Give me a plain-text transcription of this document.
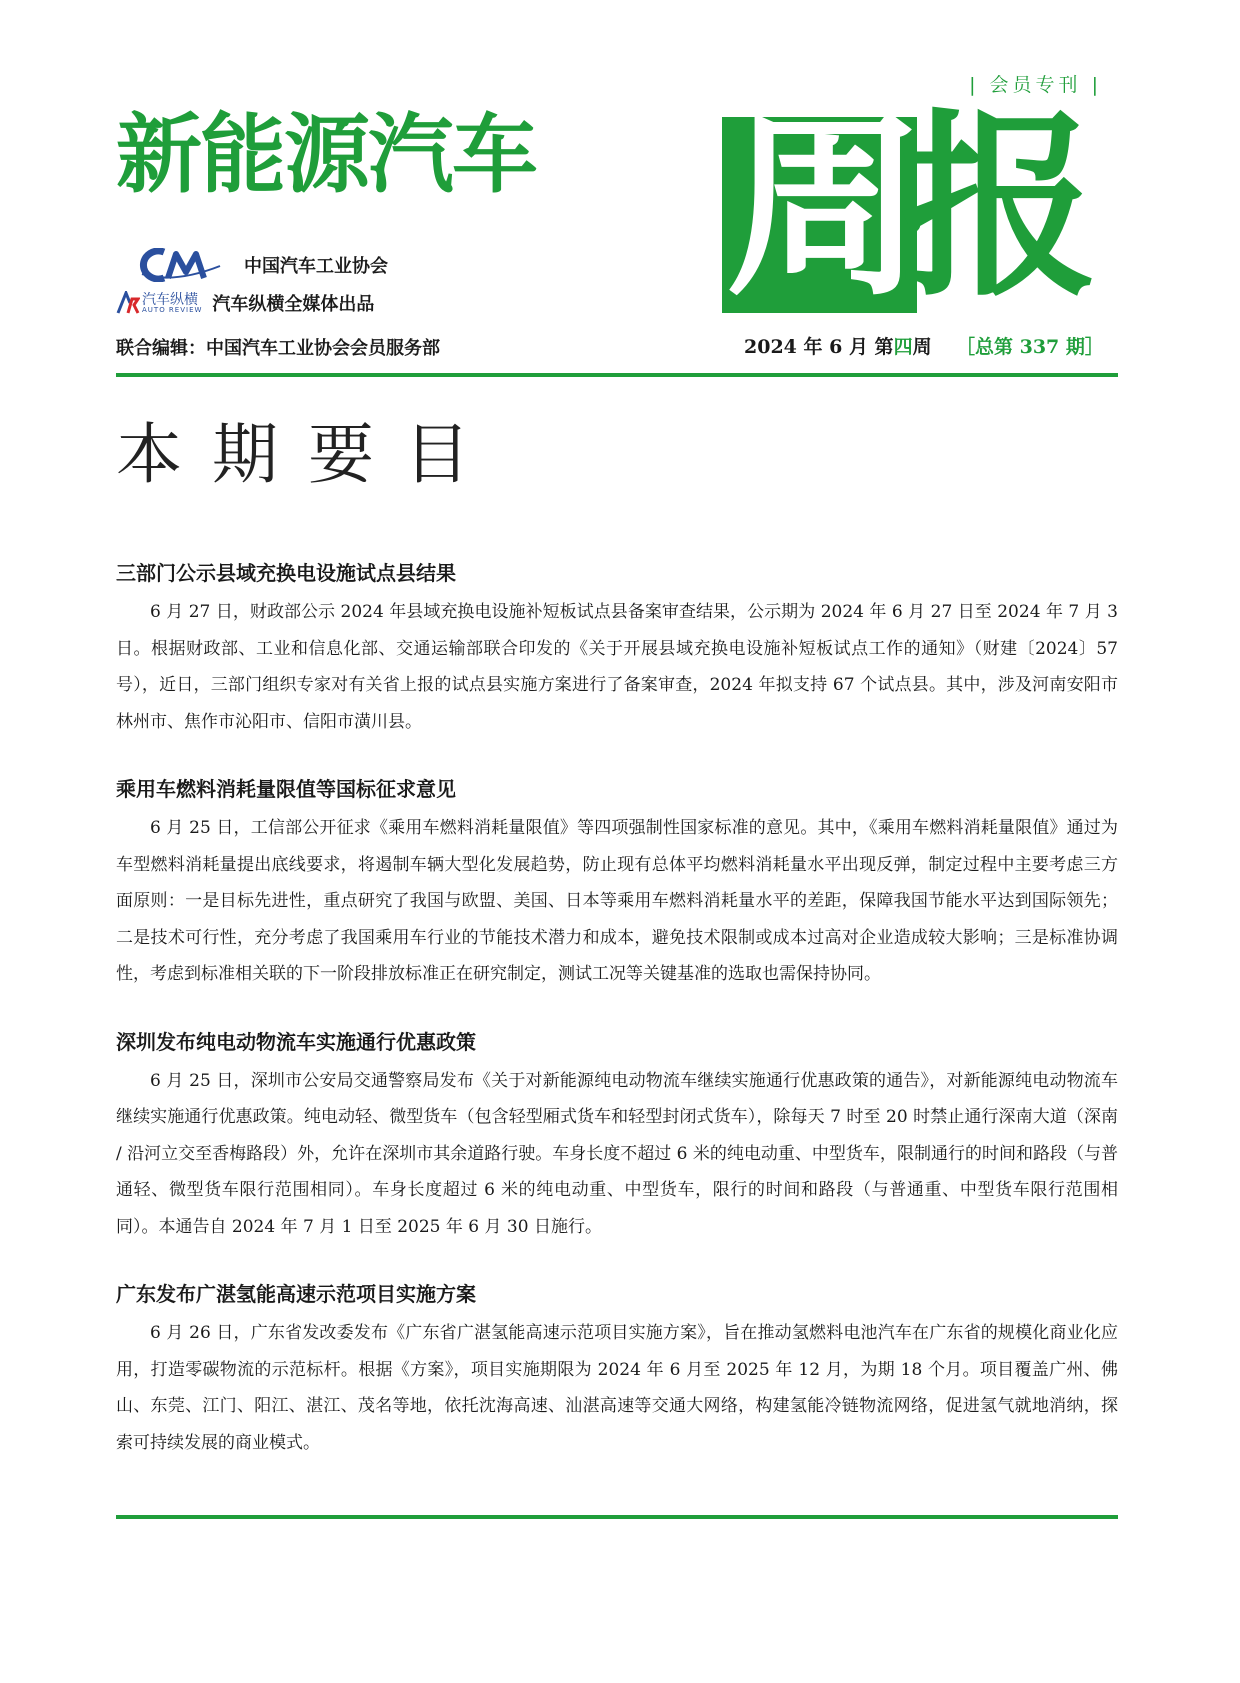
| 会员专刊 |
新能源汽车 周
报
中国汽车工业协会
汽车纵横
AUTO REVIEW 汽车纵横全媒体出品
联合编辑：中国汽车工业协会会员服务部	2024 年 6 月 第四周 ［总第 337 期］
本期要目
三部门公示县域充换电设施试点县结果

6 月 27 日，财政部公示 2024 年县域充换电设施补短板试点县备案审查结果，公示期为 2024 年 6 月 27 日至 2024 年 7 月 3 日。根据财政部、工业和信息化部、交通运输部联合印发的《关于开展县域充换电设施补短板试点工作的通知》（财建〔2024〕57 号），近日，三部门组织专家对有关省上报的试点县实施方案进行了备案审查，2024 年拟支持 67 个试点县。其中，涉及河南安阳市林州市、焦作市沁阳市、信阳市潢川县。

乘用车燃料消耗量限值等国标征求意见

6 月 25 日，工信部公开征求《乘用车燃料消耗量限值》等四项强制性国家标准的意见。其中，《乘用车燃料消耗量限值》通过为车型燃料消耗量提出底线要求，将遏制车辆大型化发展趋势，防止现有总体平均燃料消耗量水平出现反弹，制定过程中主要考虑三方面原则：一是目标先进性，重点研究了我国与欧盟、美国、日本等乘用车燃料消耗量水平的差距，保障我国节能水平达到国际领先；二是技术可行性，充分考虑了我国乘用车行业的节能技术潜力和成本，避免技术限制或成本过高对企业造成较大影响；三是标准协调性，考虑到标准相关联的下一阶段排放标准正在研究制定，测试工况等关键基准的选取也需保持协同。

深圳发布纯电动物流车实施通行优惠政策

6 月 25 日，深圳市公安局交通警察局发布《关于对新能源纯电动物流车继续实施通行优惠政策的通告》，对新能源纯电动物流车继续实施通行优惠政策。纯电动轻、微型货车（包含轻型厢式货车和轻型封闭式货车），除每天 7 时至 20 时禁止通行深南大道（深南 / 沿河立交至香梅路段）外，允许在深圳市其余道路行驶。车身长度不超过 6 米的纯电动重、中型货车，限制通行的时间和路段（与普通轻、微型货车限行范围相同）。车身长度超过 6 米的纯电动重、中型货车，限行的时间和路段（与普通重、中型货车限行范围相同）。本通告自 2024 年 7 月 1 日至 2025 年 6 月 30 日施行。

广东发布广湛氢能高速示范项目实施方案

6 月 26 日，广东省发改委发布《广东省广湛氢能高速示范项目实施方案》，旨在推动氢燃料电池汽车在广东省的规模化商业化应用，打造零碳物流的示范标杆。根据《方案》，项目实施期限为 2024 年 6 月至 2025 年 12 月，为期 18 个月。项目覆盖广州、佛山、东莞、江门、阳江、湛江、茂名等地，依托沈海高速、汕湛高速等交通大网络，构建氢能冷链物流网络，促进氢气就地消纳，探索可持续发展的商业模式。
